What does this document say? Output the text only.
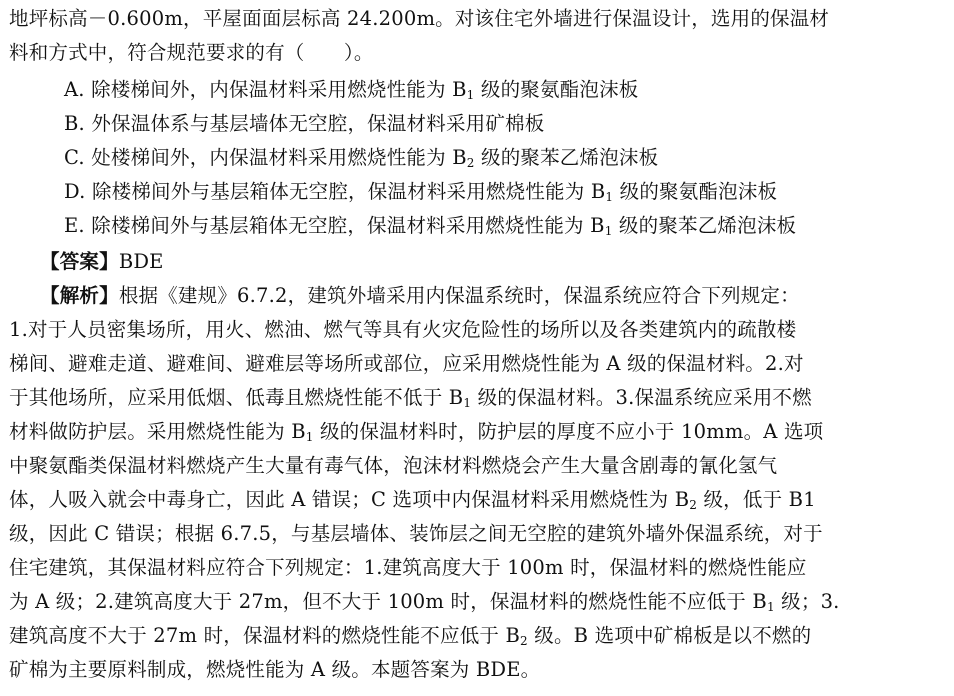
地坪标高－0.600m，平屋面面层标高 24.200m。对该住宅外墙进行保温设计，选用的保温材
料和方式中，符合规范要求的有（　　）。
A. 除楼梯间外，内保温材料采用燃烧性能为 $B_1$ 级的聚氨酯泡沫板
B. 外保温体系与基层墙体无空腔，保温材料采用矿棉板
C. 处楼梯间外，内保温材料采用燃烧性能为 $B_2$ 级的聚苯乙烯泡沫板
D. 除楼梯间外与基层箱体无空腔，保温材料采用燃烧性能为 $B_1$ 级的聚氨酯泡沫板
E. 除楼梯间外与基层箱体无空腔，保温材料采用燃烧性能为 $B_1$ 级的聚苯乙烯泡沫板
【答案】BDE
【解析】根据《建规》6.7.2，建筑外墙采用内保温系统时，保温系统应符合下列规定：
1.对于人员密集场所，用火、燃油、燃气等具有火灾危险性的场所以及各类建筑内的疏散楼
梯间、避难走道、避难间、避难层等场所或部位，应采用燃烧性能为 A 级的保温材料。2.对
于其他场所，应采用低烟、低毒且燃烧性能不低于 $B_1$ 级的保温材料。3.保温系统应采用不燃
材料做防护层。采用燃烧性能为 $B_1$ 级的保温材料时，防护层的厚度不应小于 10mm。A 选项
中聚氨酯类保温材料燃烧产生大量有毒气体，泡沫材料燃烧会产生大量含剧毒的氰化氢气
体，人吸入就会中毒身亡，因此 A 错误；C 选项中内保温材料采用燃烧性为 $B_2$ 级，低于 B1
级，因此 C 错误；根据 6.7.5，与基层墙体、装饰层之间无空腔的建筑外墙外保温系统，对于
住宅建筑，其保温材料应符合下列规定：1.建筑高度大于 100m 时，保温材料的燃烧性能应
为 A 级；2.建筑高度大于 27m，但不大于 100m 时，保温材料的燃烧性能不应低于 $B_1$ 级；3.
建筑高度不大于 27m 时，保温材料的燃烧性能不应低于 $B_2$ 级。B 选项中矿棉板是以不燃的
矿棉为主要原料制成，燃烧性能为 A 级。本题答案为 BDE。
